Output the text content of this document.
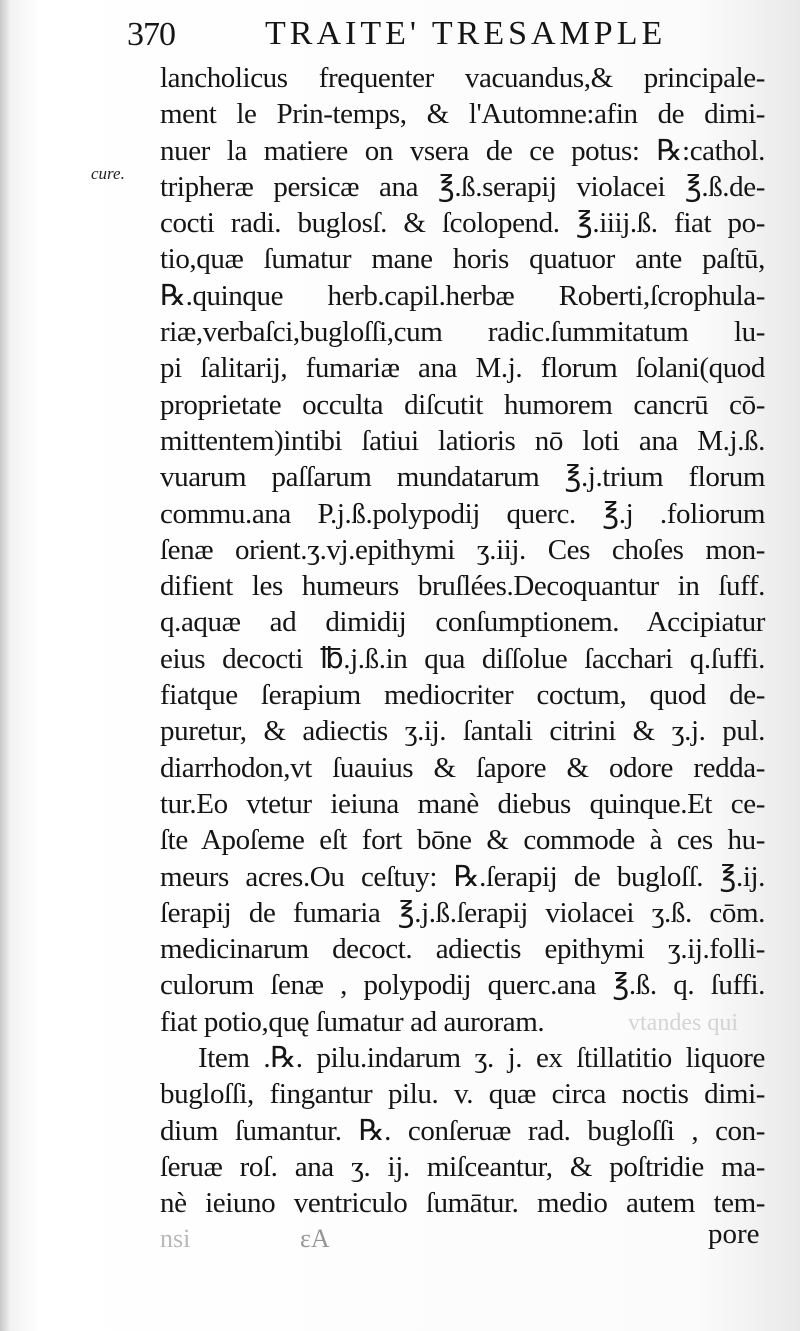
370	TRAITE' TRESAMPLE
cure.
vtandes qui
lancholicus frequenter vacuandus,& principale-
ment le Prin-temps, & l'Automne:afin de dimi-
nuer la matiere on vsera de ce potus: ℞:cathol.
tripheræ persicæ ana ℥.ß.serapij violacei ℥.ß.de-
cocti radi. buglosſ. & ſcolopend. ℥.iiij.ß. fiat po-
tio,quæ ſumatur mane horis quatuor ante paſtū,
℞.quinque herb.capil.herbæ Roberti,ſcrophula-
riæ,verbaſci,bugloſſi,cum radic.ſummitatum lu-
pi ſalitarij, fumariæ ana M.j. florum ſolani(quod
proprietate occulta diſcutit humorem cancrū cō-
mittentem)intibi ſatiui latioris nō loti ana M.j.ß.
vuarum paſſarum mundatarum ℥.j.trium florum
commu.ana P.j.ß.polypodij querc. ℥.j .foliorum
ſenæ orient.ʒ.vj.epithymi ʒ.iij. Ces choſes mon-
difient les humeurs bruſlées.Decoquantur in ſuff.
q.aquæ ad dimidij conſumptionem. Accipiatur
eius decocti ℔.j.ß.in qua diſſolue ſacchari q.ſuffi.
fiatque ſerapium mediocriter coctum, quod de-
puretur, & adiectis ʒ.ij. ſantali citrini & ʒ.j. pul.
diarrhodon,vt ſuauius & ſapore & odore redda-
tur.Eo vtetur ieiuna manè diebus quinque.Et ce-
ſte Apoſeme eſt fort bōne & commode à ces hu-
meurs acres.Ou ceſtuy: ℞.ſerapij de bugloſſ. ℥.ij.
ſerapij de fumaria ℥.j.ß.ſerapij violacei ʒ.ß. cōm.
medicinarum decoct. adiectis epithymi ʒ.ij.folli-
culorum ſenæ , polypodij querc.ana ℥.ß. q. ſuffi.
fiat potio,quę ſumatur ad auroram.
Item .℞. pilu.indarum ʒ. j. ex ſtillatitio liquore
bugloſſi, fingantur pilu. v. quæ circa noctis dimi-
dium ſumantur. ℞. conſeruæ rad. bugloſſi , con-
ſeruæ roſ. ana ʒ. ij. miſceantur, & poſtridie ma-
nè ieiuno ventriculo ſumātur. medio autem tem-
nsi	ɛA	pore
